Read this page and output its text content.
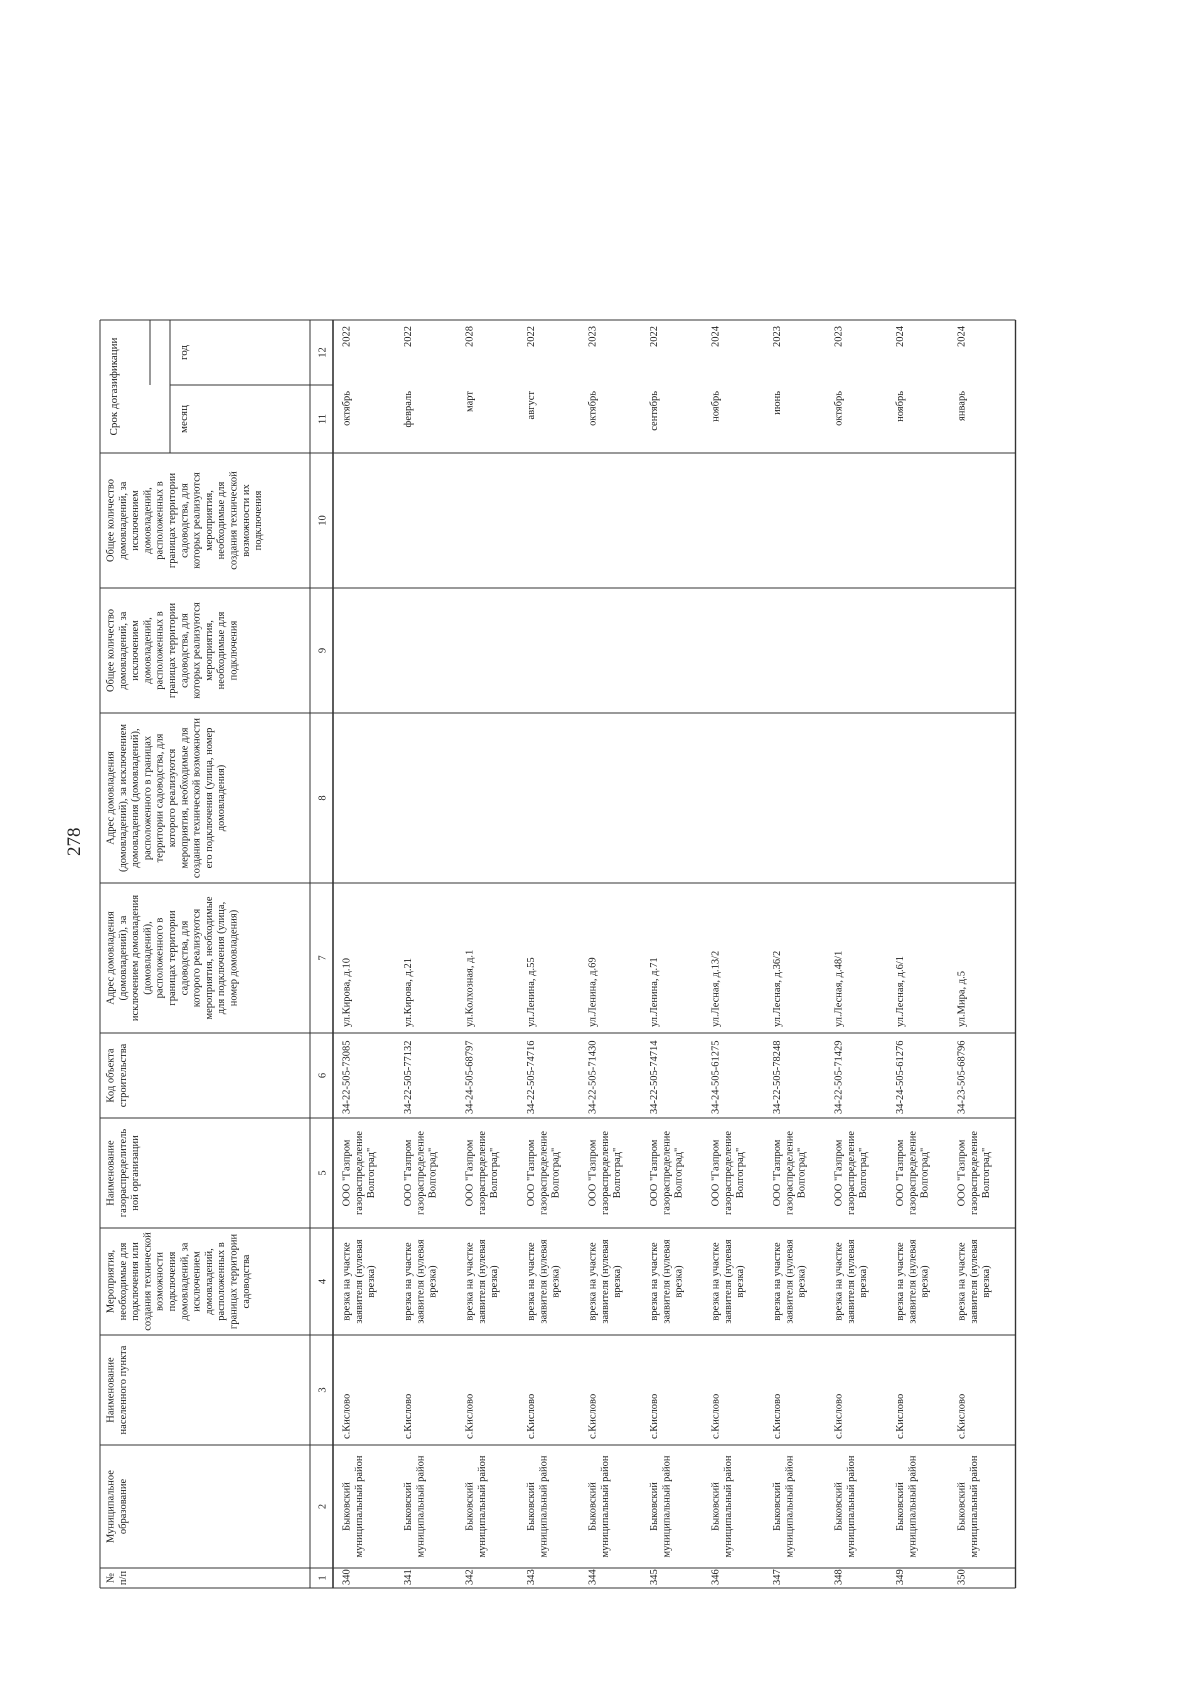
278
№п/п
Муниципальноеобразование
Наименованиенаселенного пункта
Мероприятия,необходимые дляподключения илисоздания техническойвозможностиподключениядомовладений, заисключениемдомовладений,расположенных вграницах территориисадоводства
Наименованиегазораспределительной организации
Код объектастроительства
Адрес домовладения(домовладений), заисключением домовладения(домовладений),расположенного вграницах территориисадоводства, длякоторого реализуютсямероприятия, необходимыедля подключения (улица,номер домовладения)
Адрес домовладения(домовладений), за исключениемдомовладения (домовладений),расположенного в границахтерритории садоводства, длякоторого реализуютсямероприятия, необходимые длясоздания технической возможностиего подключения (улица, номердомовладения)
Общее количестводомовладений, заисключениемдомовладений,расположенных вграницах территориисадоводства, длякоторых реализуютсямероприятия,необходимые дляподключения
Общее количестводомовладений, заисключениемдомовладений,расположенных вграницах территориисадоводства, длякоторых реализуютсямероприятия,необходимые длясоздания техническойвозможности ихподключения
Срок догазификации	месяц
год
1
2
3
4
5
6
7
8
9
10
11
12
340
Быковскиймуниципальный район
с.Кислово
врезка на участкезаявителя (нулеваяврезка)
ООО "ГазпромгазораспределениеВолгоград"
34-22-505-73085
ул.Кирова, д.10
октябрь
2022
341
Быковскиймуниципальный район
с.Кислово
врезка на участкезаявителя (нулеваяврезка)
ООО "ГазпромгазораспределениеВолгоград"
34-22-505-77132
ул.Кирова, д.21
февраль
2022
342
Быковскиймуниципальный район
с.Кислово
врезка на участкезаявителя (нулеваяврезка)
ООО "ГазпромгазораспределениеВолгоград"
34-24-505-68797
ул.Колхозная, д.1
март
2028
343
Быковскиймуниципальный район
с.Кислово
врезка на участкезаявителя (нулеваяврезка)
ООО "ГазпромгазораспределениеВолгоград"
34-22-505-74716
ул.Ленина, д.55
август
2022
344
Быковскиймуниципальный район
с.Кислово
врезка на участкезаявителя (нулеваяврезка)
ООО "ГазпромгазораспределениеВолгоград"
34-22-505-71430
ул.Ленина, д.69
октябрь
2023
345
Быковскиймуниципальный район
с.Кислово
врезка на участкезаявителя (нулеваяврезка)
ООО "ГазпромгазораспределениеВолгоград"
34-22-505-74714
ул.Ленина, д.71
сентябрь
2022
346
Быковскиймуниципальный район
с.Кислово
врезка на участкезаявителя (нулеваяврезка)
ООО "ГазпромгазораспределениеВолгоград"
34-24-505-61275
ул.Лесная, д.13/2
ноябрь
2024
347
Быковскиймуниципальный район
с.Кислово
врезка на участкезаявителя (нулеваяврезка)
ООО "ГазпромгазораспределениеВолгоград"
34-22-505-78248
ул.Лесная, д.36/2
июнь
2023
348
Быковскиймуниципальный район
с.Кислово
врезка на участкезаявителя (нулеваяврезка)
ООО "ГазпромгазораспределениеВолгоград"
34-22-505-71429
ул.Лесная, д.48/1
октябрь
2023
349
Быковскиймуниципальный район
с.Кислово
врезка на участкезаявителя (нулеваяврезка)
ООО "ГазпромгазораспределениеВолгоград"
34-24-505-61276
ул.Лесная, д.6/1
ноябрь
2024
350
Быковскиймуниципальный район
с.Кислово
врезка на участкезаявителя (нулеваяврезка)
ООО "ГазпромгазораспределениеВолгоград"
34-23-505-68796
ул.Мира, д.5
январь
2024
